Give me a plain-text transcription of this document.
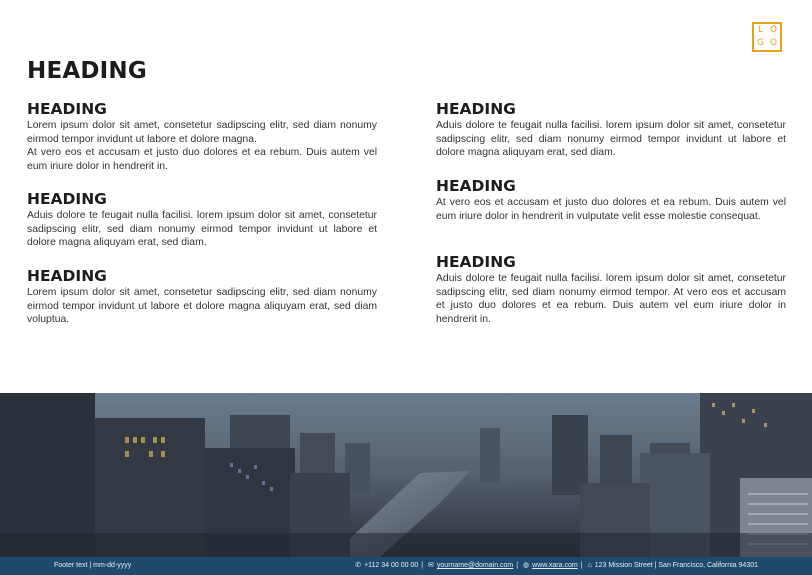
L O
G O
HEADING
HEADING

Lorem ipsum dolor sit amet, consetetur sadipscing elitr, sed diam nonumy eirmod tempor invidunt ut labore et dolore magna.
At vero eos et accusam et justo duo dolores et ea rebum. Duis autem vel eum iriure dolor in hendrerit in.

HEADING

Aduis dolore te feugait nulla facilisi. lorem ipsum dolor sit amet, consetetur sadipscing elitr, sed diam nonumy eirmod tempor invidunt ut labore et dolore magna aliquyam erat, sed diam.

HEADING

Lorem ipsum dolor sit amet, consetetur sadipscing elitr, sed diam nonumy eirmod tempor invidunt ut labore et dolore magna aliquyam erat, sed diam voluptua.

HEADING

Aduis dolore te feugait nulla facilisi. lorem ipsum dolor sit amet, consetetur sadipscing elitr, sed diam nonumy eirmod tempor invidunt ut labore et dolore magna aliquyam erat, sed diam.

HEADING

At vero eos et accusam et justo duo dolores et ea rebum. Duis autem vel eum iriure dolor in hendrerit in vulputate velit esse molestie consequat.

HEADING

Aduis dolore te feugait nulla facilisi. lorem ipsum dolor sit amet, consetetur sadipscing elitr, sed diam nonumy eirmod tempor. At vero eos et accusam et justo duo dolores et ea rebum. Duis autem vel eum iriure dolor in hendrerit in.

Footer text | mm-dd-yyyy	✆ +112 34 00 00 00 | ✉ yourname@domain.com | ◍ www.xara.com | ⌂ 123 Mission Street | San Francisco, California 94301
